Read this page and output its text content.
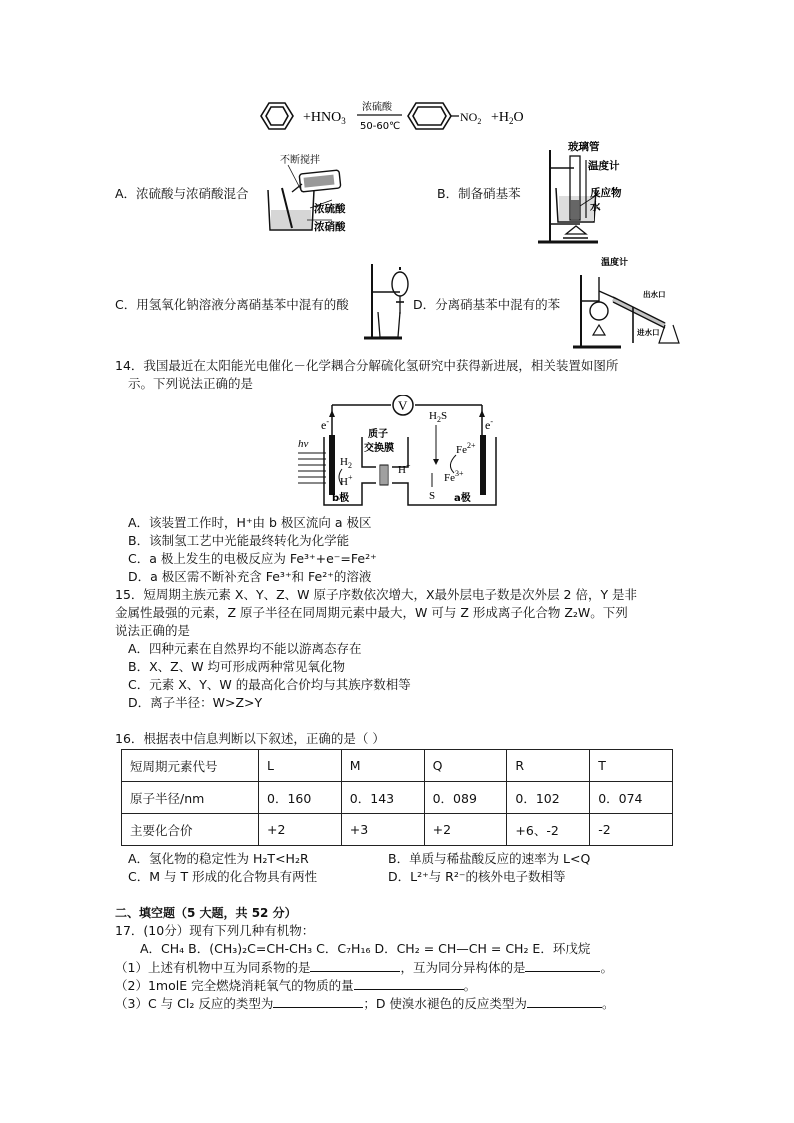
$+HNO_3$
浓硫酸
50-60℃
$NO_2 +H_2O$
A．浓硫酸与浓硝酸混合
不断搅拌
浓硫酸
浓硝酸
B．制备硝基苯
玻璃管
温度计
反应物
水
C．用氢氧化钠溶液分离硝基苯中混有的酸	D．分离硝基苯中混有的苯
温度计
出水口
进水口
14．我国最近在太阳能光电催化－化学耦合分解硫化氢研究中获得新进展，相关装置如图所
示。下列说法正确的是
V
e-	e-
hν
$H_2$
H+
质子
交换膜
H+
$H_2S$
S
$Fe^{2+}$
$Fe^{3+}$
b极	a极
A．该装置工作时，H⁺由 b 极区流向 a 极区
B．该制氢工艺中光能最终转化为化学能
C．a 极上发生的电极反应为 Fe³⁺+e⁻=Fe²⁺
D．a 极区需不断补充含 Fe³⁺和 Fe²⁺的溶液
15．短周期主族元素 X、Y、Z、W 原子序数依次增大，X最外层电子数是次外层 2 倍，Y 是非
金属性最强的元素，Z 原子半径在同周期元素中最大，W 可与 Z 形成离子化合物 Z₂W。下列
说法正确的是
A．四种元素在自然界均不能以游离态存在
B．X、Z、W 均可形成两种常见氧化物
C．元素 X、Y、W 的最高化合价均与其族序数相等
D．离子半径：W>Z>Y
16．根据表中信息判断以下叙述，正确的是（ ）
短周期元素代号	L	M	Q	R	T
原子半径/nm	0．160	0．143	0．089	0．102	0．074
主要化合价	+2	+3	+2	+6、-2	-2
A．氢化物的稳定性为 H₂T<H₂R	B．单质与稀盐酸反应的速率为 L<Q
C．M 与 T 形成的化合物具有两性	D．L²⁺与 R²⁻的核外电子数相等
二、填空题（5 大题，共 52 分）
17．(10分）现有下列几种有机物：
A．CH₄ B．(CH₃)₂C=CH-CH₃ C．C₇H₁₆ D．CH₂ = CH—CH = CH₂ E．环戊烷
（1）上述有机物中互为同系物的是	，互为同分异构体的是	。
（2）1molE 完全燃烧消耗氧气的物质的量	。
（3）C 与 Cl₂ 反应的类型为	；D 使溴水褪色的反应类型为	。
